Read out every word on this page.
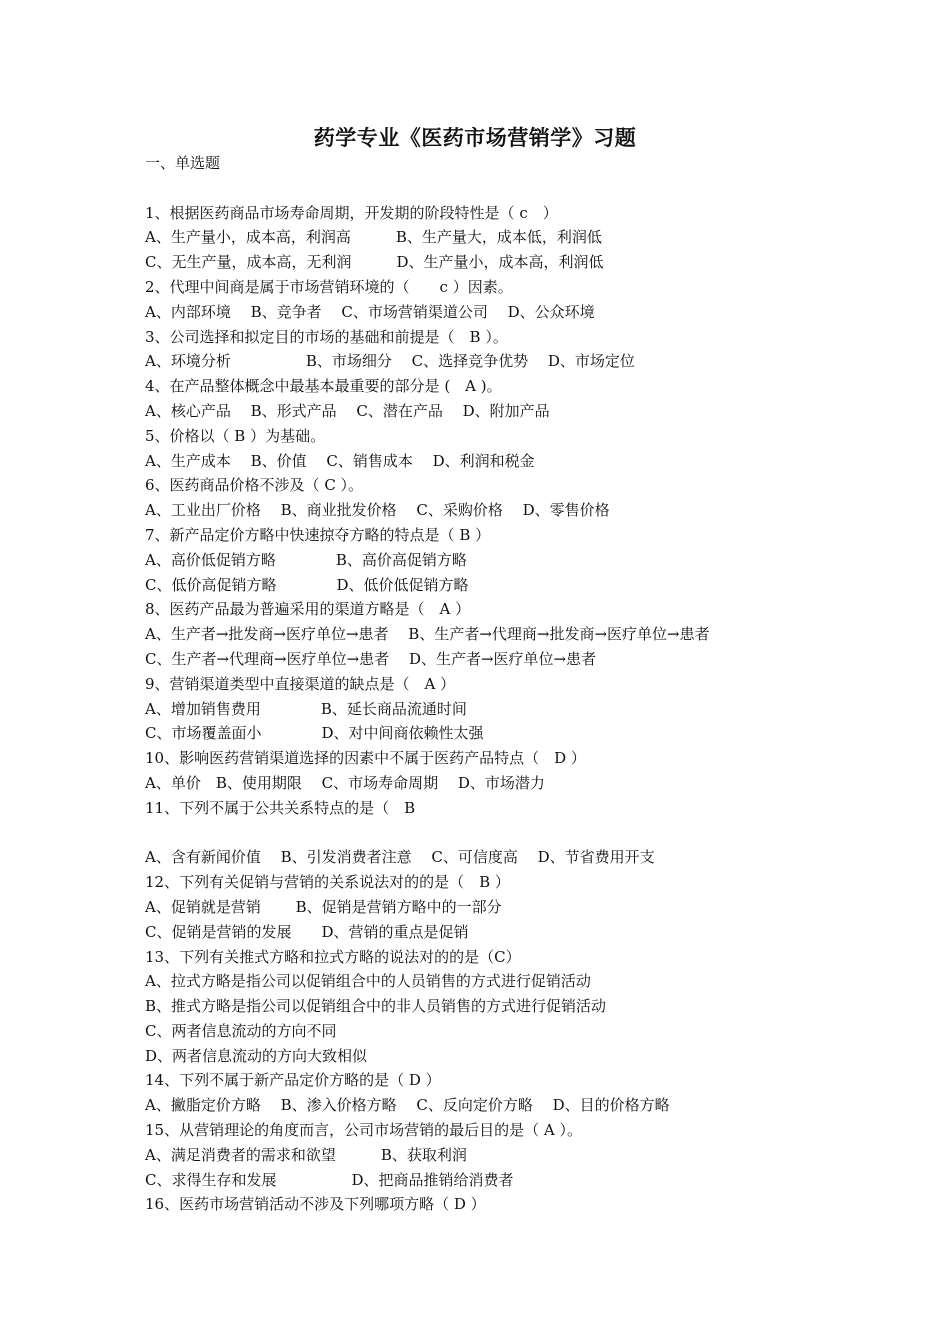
药学专业《医药市场营销学》习题
一、单选题
1、根据医药商品市场寿命周期，开发期的阶段特性是（ c　）
A、生产量小，成本高，利润高　　　B、生产量大，成本低，利润低
C、无生产量，成本高，无利润　　　D、生产量小，成本高，利润低
2、代理中间商是属于市场营销环境的（　　c ）因素。
A、内部环境　 B、竞争者　 C、市场营销渠道公司　 D、公众环境
3、公司选择和拟定目的市场的基础和前提是（　B ）。
A、环境分析　　　　　B、市场细分　 C、选择竞争优势　 D、市场定位
4、在产品整体概念中最基本最重要的部分是 (　A )。
A、核心产品　 B、形式产品　 C、潜在产品　 D、附加产品
5、价格以（ B ）为基础。
A、生产成本　 B、价值　 C、销售成本　 D、利润和税金
6、医药商品价格不涉及（ C ）。
A、工业出厂价格　 B、商业批发价格　 C、采购价格　 D、零售价格
7、新产品定价方略中快速掠夺方略的特点是（ B ）
A、高价低促销方略　　　　B、高价高促销方略
C、低价高促销方略　　　　D、低价低促销方略
8、医药产品最为普遍采用的渠道方略是（　A ）
A、生产者→批发商→医疗单位→患者　 B、生产者→代理商→批发商→医疗单位→患者
C、生产者→代理商→医疗单位→患者　 D、生产者→医疗单位→患者
9、营销渠道类型中直接渠道的缺点是（　A ）
A、增加销售费用　　　　B、延长商品流通时间
C、市场覆盖面小　　　　D、对中间商依赖性太强
10、影响医药营销渠道选择的因素中不属于医药产品特点（　D ）
A、单价　B、使用期限　 C、市场寿命周期　 D、市场潜力
11、下列不属于公共关系特点的是（　B
A、含有新闻价值　 B、引发消费者注意　 C、可信度高　 D、节省费用开支
12、下列有关促销与营销的关系说法对的的是（　B ）
A、促销就是营销　　 B、促销是营销方略中的一部分
C、促销是营销的发展　　D、营销的重点是促销
13、下列有关推式方略和拉式方略的说法对的的是（C）
A、拉式方略是指公司以促销组合中的人员销售的方式进行促销活动
B、推式方略是指公司以促销组合中的非人员销售的方式进行促销活动
C、两者信息流动的方向不同
D、两者信息流动的方向大致相似
14、下列不属于新产品定价方略的是（ D ）
A、撇脂定价方略　 B、渗入价格方略　 C、反向定价方略　 D、目的价格方略
15、从营销理论的角度而言，公司市场营销的最后目的是（ A ）。
A、满足消费者的需求和欲望　　　B、获取利润
C、求得生存和发展　　　　　D、把商品推销给消费者
16、医药市场营销活动不涉及下列哪项方略（ D ）
